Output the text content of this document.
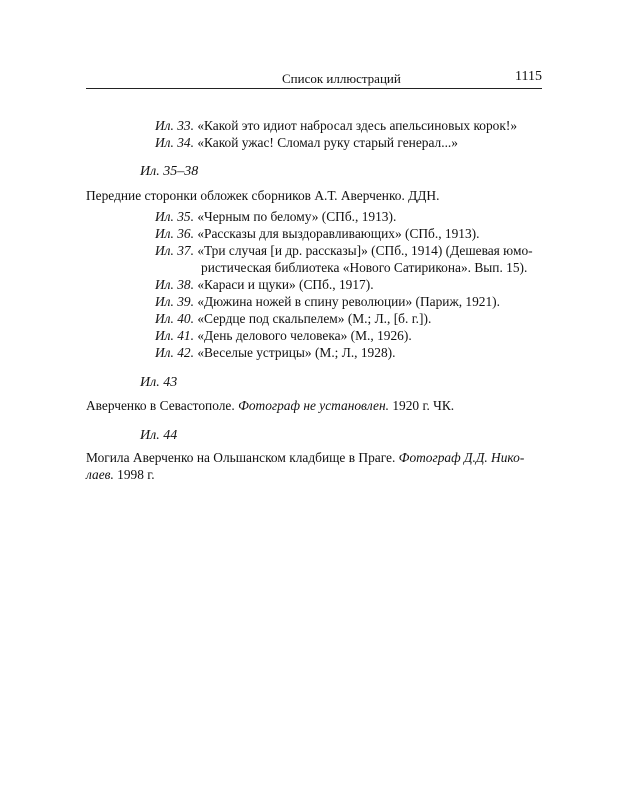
Список иллюстраций	1115
Ил. 33. «Какой это идиот набросал здесь апельсиновых корок!»
Ил. 34. «Какой ужас! Сломал руку старый генерал...»
Ил. 35–38
Передние сторонки обложек сборников А.Т. Аверченко. ДДН.
Ил. 35. «Черным по белому» (СПб., 1913).
Ил. 36. «Рассказы для выздоравливающих» (СПб., 1913).
Ил. 37. «Три случая [и др. рассказы]» (СПб., 1914) (Дешевая юмо-
ристическая библиотека «Нового Сатирикона». Вып. 15).
Ил. 38. «Караси и щуки» (СПб., 1917).
Ил. 39. «Дюжина ножей в спину революции» (Париж, 1921).
Ил. 40. «Сердце под скальпелем» (М.; Л., [б. г.]).
Ил. 41. «День делового человека» (М., 1926).
Ил. 42. «Веселые устрицы» (М.; Л., 1928).
Ил. 43
Аверченко в Севастополе. Фотограф не установлен. 1920 г. ЧК.
Ил. 44
Могила Аверченко на Ольшанском кладбище в Праге. Фотограф Д.Д. Нико-
лаев. 1998 г.
